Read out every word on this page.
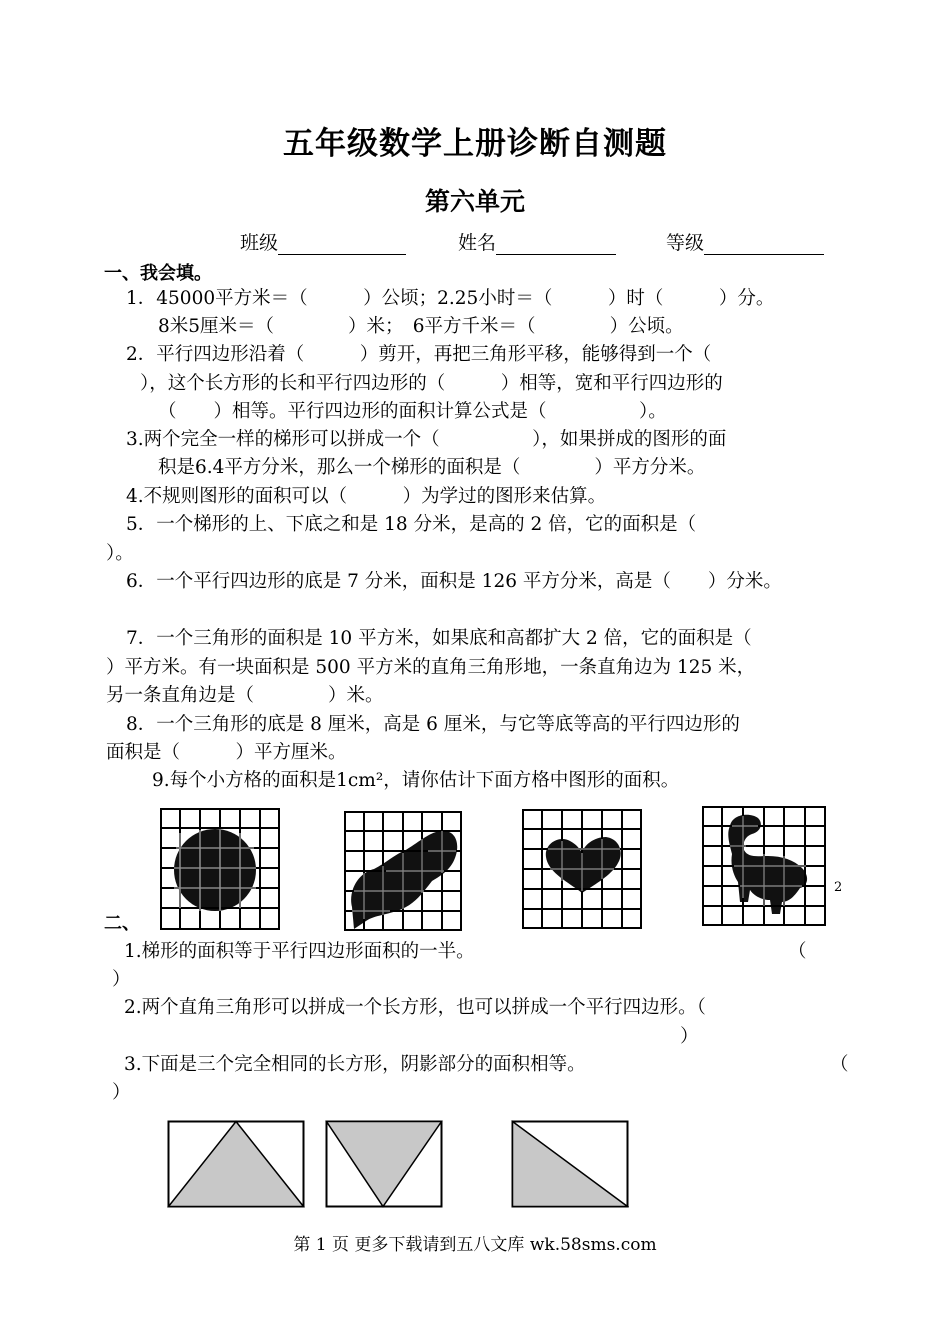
五年级数学上册诊断自测题
第六单元
班级	姓名	等级
一、我会填。
1．45000平方米＝（　　　）公顷；2.25小时＝（　　　）时（　　　）分。
8米5厘米＝（　　　　）米；　6平方千米＝（　　　　）公顷。
2．平行四边形沿着（　　　）剪开，再把三角形平移，能够得到一个（
），这个长方形的长和平行四边形的（　　　）相等，宽和平行四边形的
（　　）相等。平行四边形的面积计算公式是（　　　　　）。
3.两个完全一样的梯形可以拼成一个（　　　　　），如果拼成的图形的面
积是6.4平方分米，那么一个梯形的面积是（　　　　）平方分米。
4.不规则图形的面积可以（　　　）为学过的图形来估算。
5．一个梯形的上、下底之和是 18 分米，是高的 2 倍，它的面积是（
）。
6．一个平行四边形的底是 7 分米，面积是 126 平方分米，高是（　　）分米。
7．一个三角形的面积是 10 平方米，如果底和高都扩大 2 倍，它的面积是（
）平方米。有一块面积是 500 平方米的直角三角形地，一条直角边为 125 米，
另一条直角边是（　　　　）米。
8．一个三角形的底是 8 厘米，高是 6 厘米，与它等底等高的平行四边形的
面积是（　　　）平方厘米。
9.每个小方格的面积是1cm²，请你估计下面方格中图形的面积。
2
二、
1.梯形的面积等于平行四边形面积的一半。	（
）
2.两个直角三角形可以拼成一个长方形，也可以拼成一个平行四边形。（
）
3.下面是三个完全相同的长方形，阴影部分的面积相等。	（
）
第 1 页 更多下载请到五八文库 wk.58sms.com
